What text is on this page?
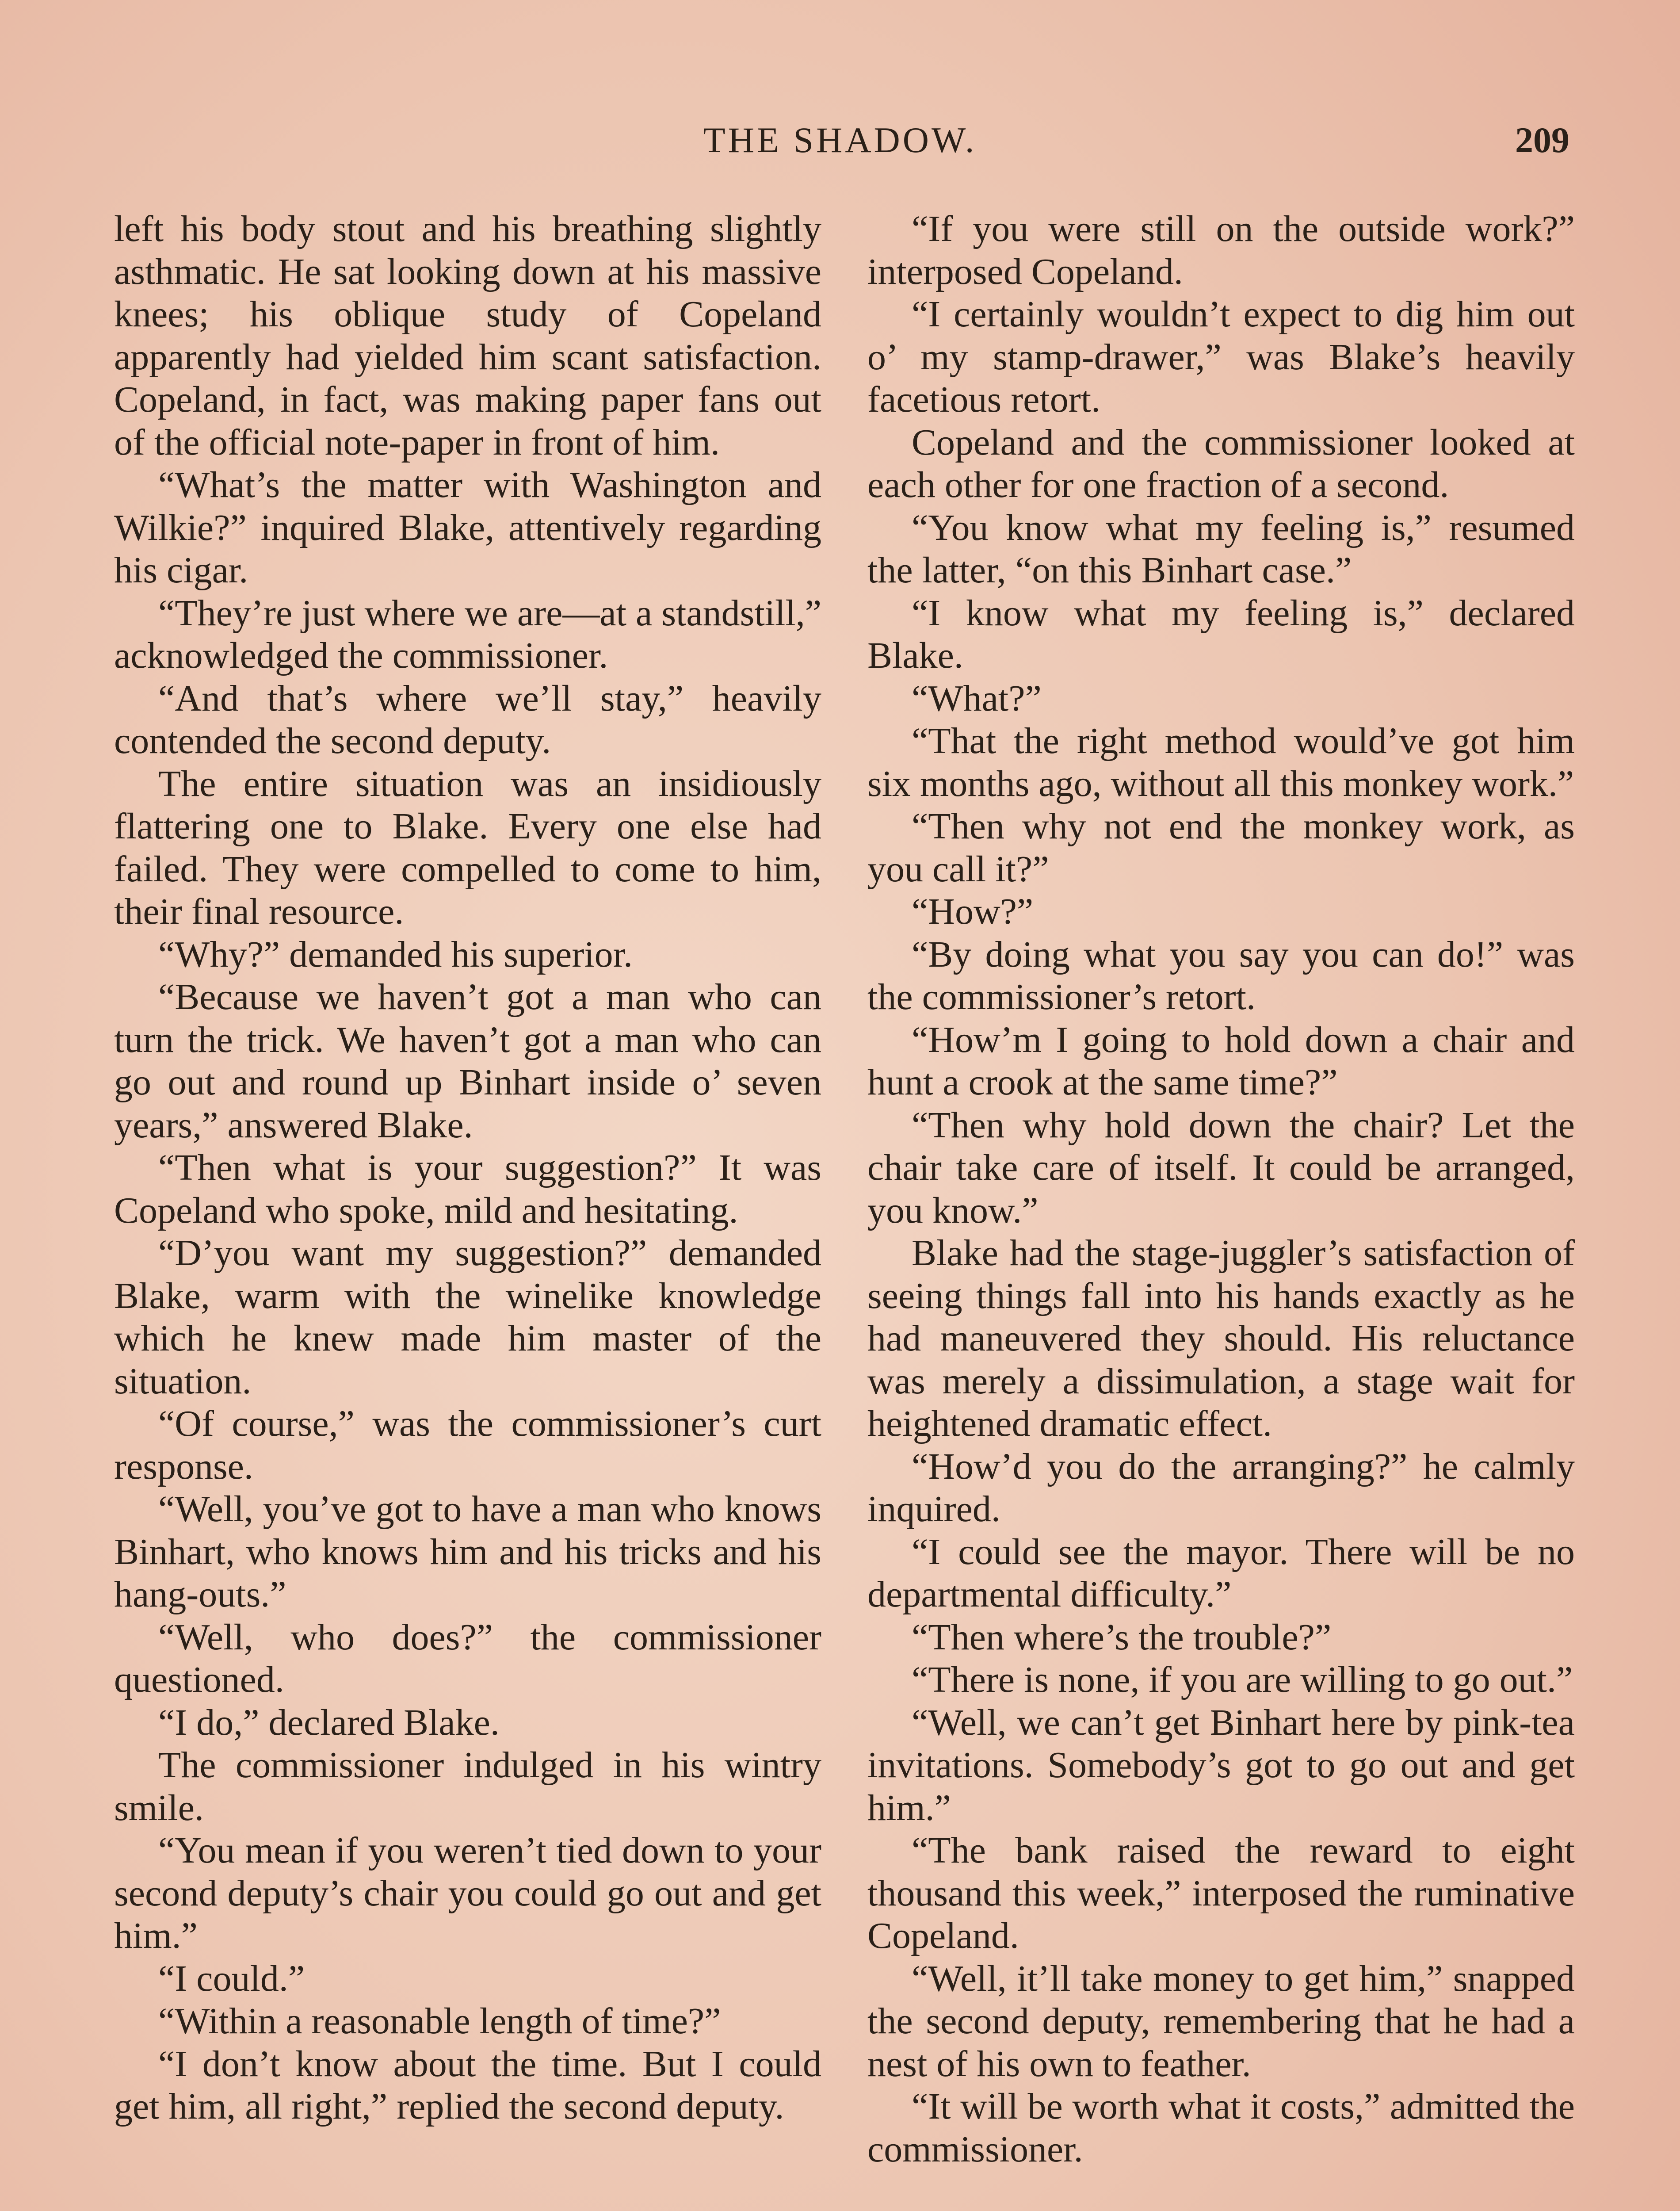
THE SHADOW.	209

left his body stout and his breathing slightly asthmatic. He sat looking down at his massive knees; his oblique study of Copeland apparently had yielded him scant satisfaction. Copeland, in fact, was making paper fans out of the official note-paper in front of him.

“What’s the matter with Washington and Wilkie?” inquired Blake, attentively regarding his cigar.

“They’re just where we are—at a standstill,” acknowledged the commissioner.

“And that’s where we’ll stay,” heavily contended the second deputy.

The entire situation was an insidiously flattering one to Blake. Every one else had failed. They were compelled to come to him, their final resource.

“Why?” demanded his superior.

“Because we haven’t got a man who can turn the trick. We haven’t got a man who can go out and round up Binhart inside o’ seven years,” answered Blake.

“Then what is your suggestion?” It was Copeland who spoke, mild and hesitating.

“D’you want my suggestion?” demanded Blake, warm with the winelike knowledge which he knew made him master of the situation.

“Of course,” was the commissioner’s curt response.

“Well, you’ve got to have a man who knows Binhart, who knows him and his tricks and his hang-outs.”

“Well, who does?” the commissioner questioned.

“I do,” declared Blake.

The commissioner indulged in his wintry smile.

“You mean if you weren’t tied down to your second deputy’s chair you could go out and get him.”

“I could.”

“Within a reasonable length of time?”

“I don’t know about the time. But I could get him, all right,” replied the second deputy.

“If you were still on the outside work?” interposed Copeland.

“I certainly wouldn’t expect to dig him out o’ my stamp-drawer,” was Blake’s heavily facetious retort.

Copeland and the commissioner looked at each other for one fraction of a second.

“You know what my feeling is,” resumed the latter, “on this Binhart case.”

“I know what my feeling is,” declared Blake.

“What?”

“That the right method would’ve got him six months ago, without all this monkey work.”

“Then why not end the monkey work, as you call it?”

“How?”

“By doing what you say you can do!” was the commissioner’s retort.

“How’m I going to hold down a chair and hunt a crook at the same time?”

“Then why hold down the chair? Let the chair take care of itself. It could be arranged, you know.”

Blake had the stage-juggler’s satisfaction of seeing things fall into his hands exactly as he had maneuvered they should. His reluctance was merely a dissimulation, a stage wait for heightened dramatic effect.

“How’d you do the arranging?” he calmly inquired.

“I could see the mayor. There will be no departmental difficulty.”

“Then where’s the trouble?”

“There is none, if you are willing to go out.”

“Well, we can’t get Binhart here by pink-tea invitations. Somebody’s got to go out and get him.”

“The bank raised the reward to eight thousand this week,” interposed the ruminative Copeland.

“Well, it’ll take money to get him,” snapped the second deputy, remembering that he had a nest of his own to feather.

“It will be worth what it costs,” admitted the commissioner.
